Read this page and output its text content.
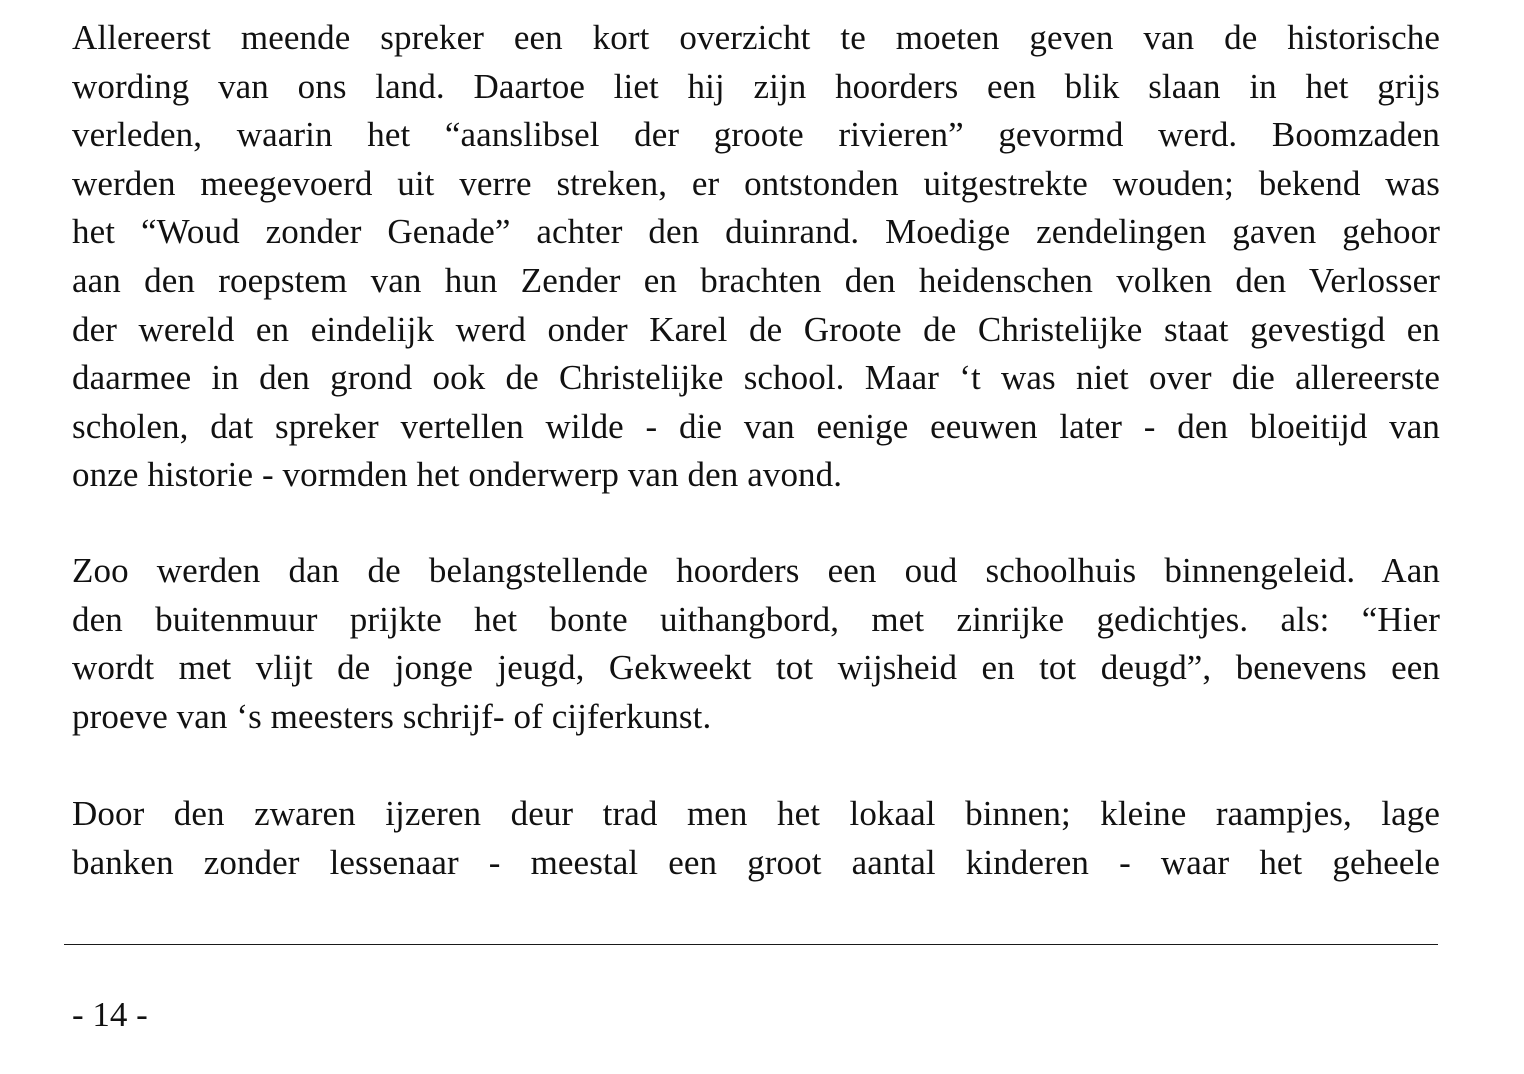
Allereerst meende spreker een kort overzicht te moeten geven van de historische
wording van ons land. Daartoe liet hij zijn hoorders een blik slaan in het grijs
verleden, waarin het “aanslibsel der groote rivieren” gevormd werd. Boomzaden
werden meegevoerd uit verre streken, er ontstonden uitgestrekte wouden; bekend was
het “Woud zonder Genade” achter den duinrand. Moedige zendelingen gaven gehoor
aan den roepstem van hun Zender en brachten den heidenschen volken den Verlosser
der wereld en eindelijk werd onder Karel de Groote de Christelijke staat gevestigd en
daarmee in den grond ook de Christelijke school. Maar ‘t was niet over die allereerste
scholen, dat spreker vertellen wilde - die van eenige eeuwen later - den bloeitijd van
onze historie - vormden het onderwerp van den avond.
Zoo werden dan de belangstellende hoorders een oud schoolhuis binnengeleid. Aan
den buitenmuur prijkte het bonte uithangbord, met zinrijke gedichtjes. als: “Hier
wordt met vlijt de jonge jeugd, Gekweekt tot wijsheid en tot deugd”, benevens een
proeve van ‘s meesters schrijf- of cijferkunst.
Door den zwaren ijzeren deur trad men het lokaal binnen; kleine raampjes, lage
banken zonder lessenaar - meestal een groot aantal kinderen - waar het geheele
- 14 -
